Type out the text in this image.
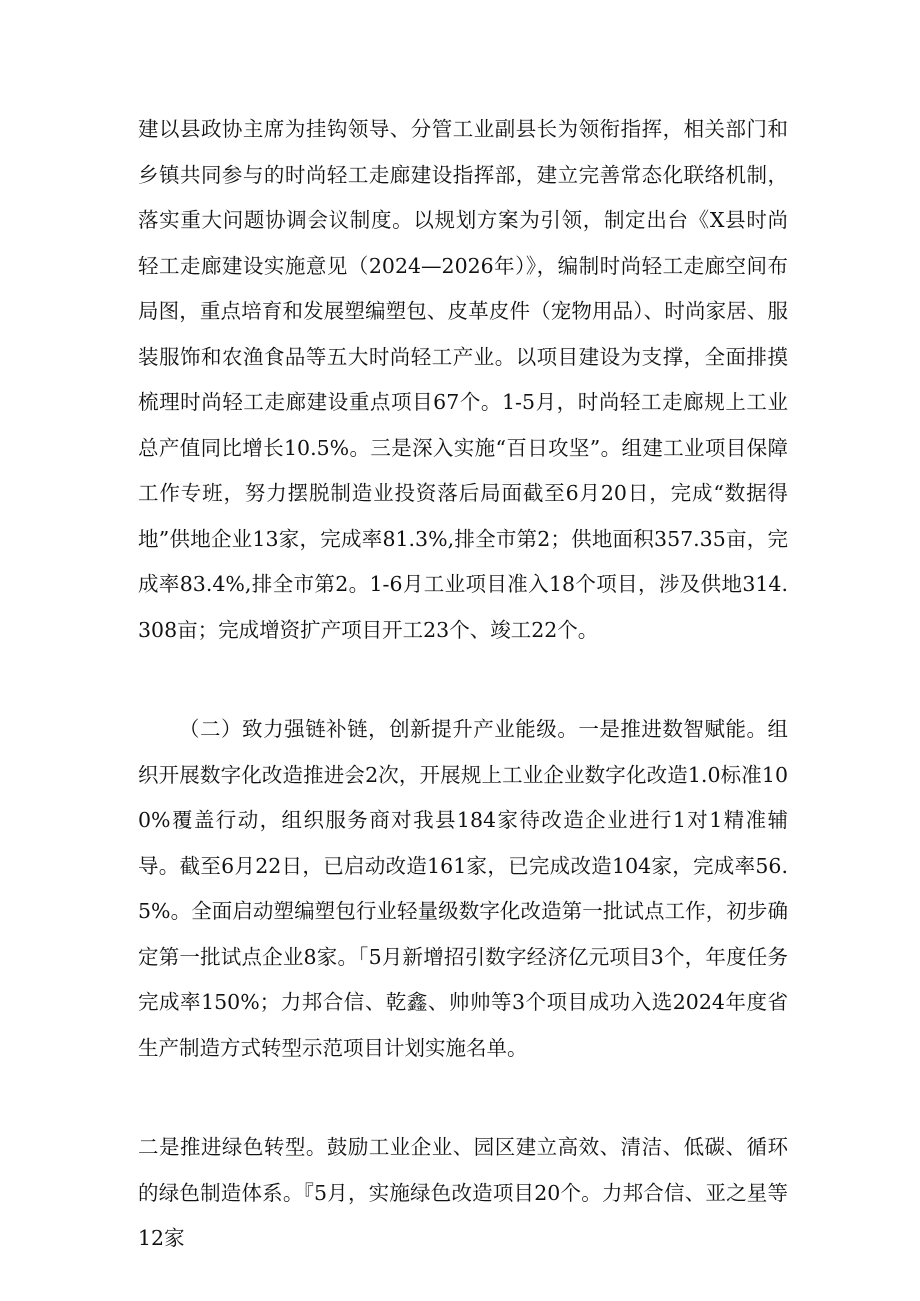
建以县政协主席为挂钩领导、分管工业副县长为领衔指挥，相关部门和乡镇共同参与的时尚轻工走廊建设指挥部，建立完善常态化联络机制，落实重大问题协调会议制度。以规划方案为引领，制定出台《X县时尚轻工走廊建设实施意见（2024—2026年）》，编制时尚轻工走廊空间布局图，重点培育和发展塑编塑包、皮革皮件（宠物用品）、时尚家居、服装服饰和农渔食品等五大时尚轻工产业。以项目建设为支撑，全面排摸梳理时尚轻工走廊建设重点项目67个。1-5月，时尚轻工走廊规上工业总产值同比增长10.5%。三是深入实施“百日攻坚”。组建工业项目保障工作专班，努力摆脱制造业投资落后局面截至6月20日，完成“数据得地”供地企业13家，完成率81.3%,排全市第2；供地面积357.35亩，完成率83.4%,排全市第2。1-6月工业项目准入18个项目，涉及供地314.308亩；完成增资扩产项目开工23个、竣工22个。

（二）致力强链补链，创新提升产业能级。一是推进数智赋能。组织开展数字化改造推进会2次，开展规上工业企业数字化改造1.0标准100%覆盖行动，组织服务商对我县184家待改造企业进行1对1精准辅导。截至6月22日，已启动改造161家，已完成改造104家，完成率56.5%。全面启动塑编塑包行业轻量级数字化改造第一批试点工作，初步确定第一批试点企业8家。「5月新增招引数字经济亿元项目3个，年度任务完成率150%；力邦合信、乾鑫、帅帅等3个项目成功入选2024年度省生产制造方式转型示范项目计划实施名单。

二是推进绿色转型。鼓励工业企业、园区建立高效、清洁、低碳、循环的绿色制造体系。『5月，实施绿色改造项目20个。力邦合信、亚之星等12家
